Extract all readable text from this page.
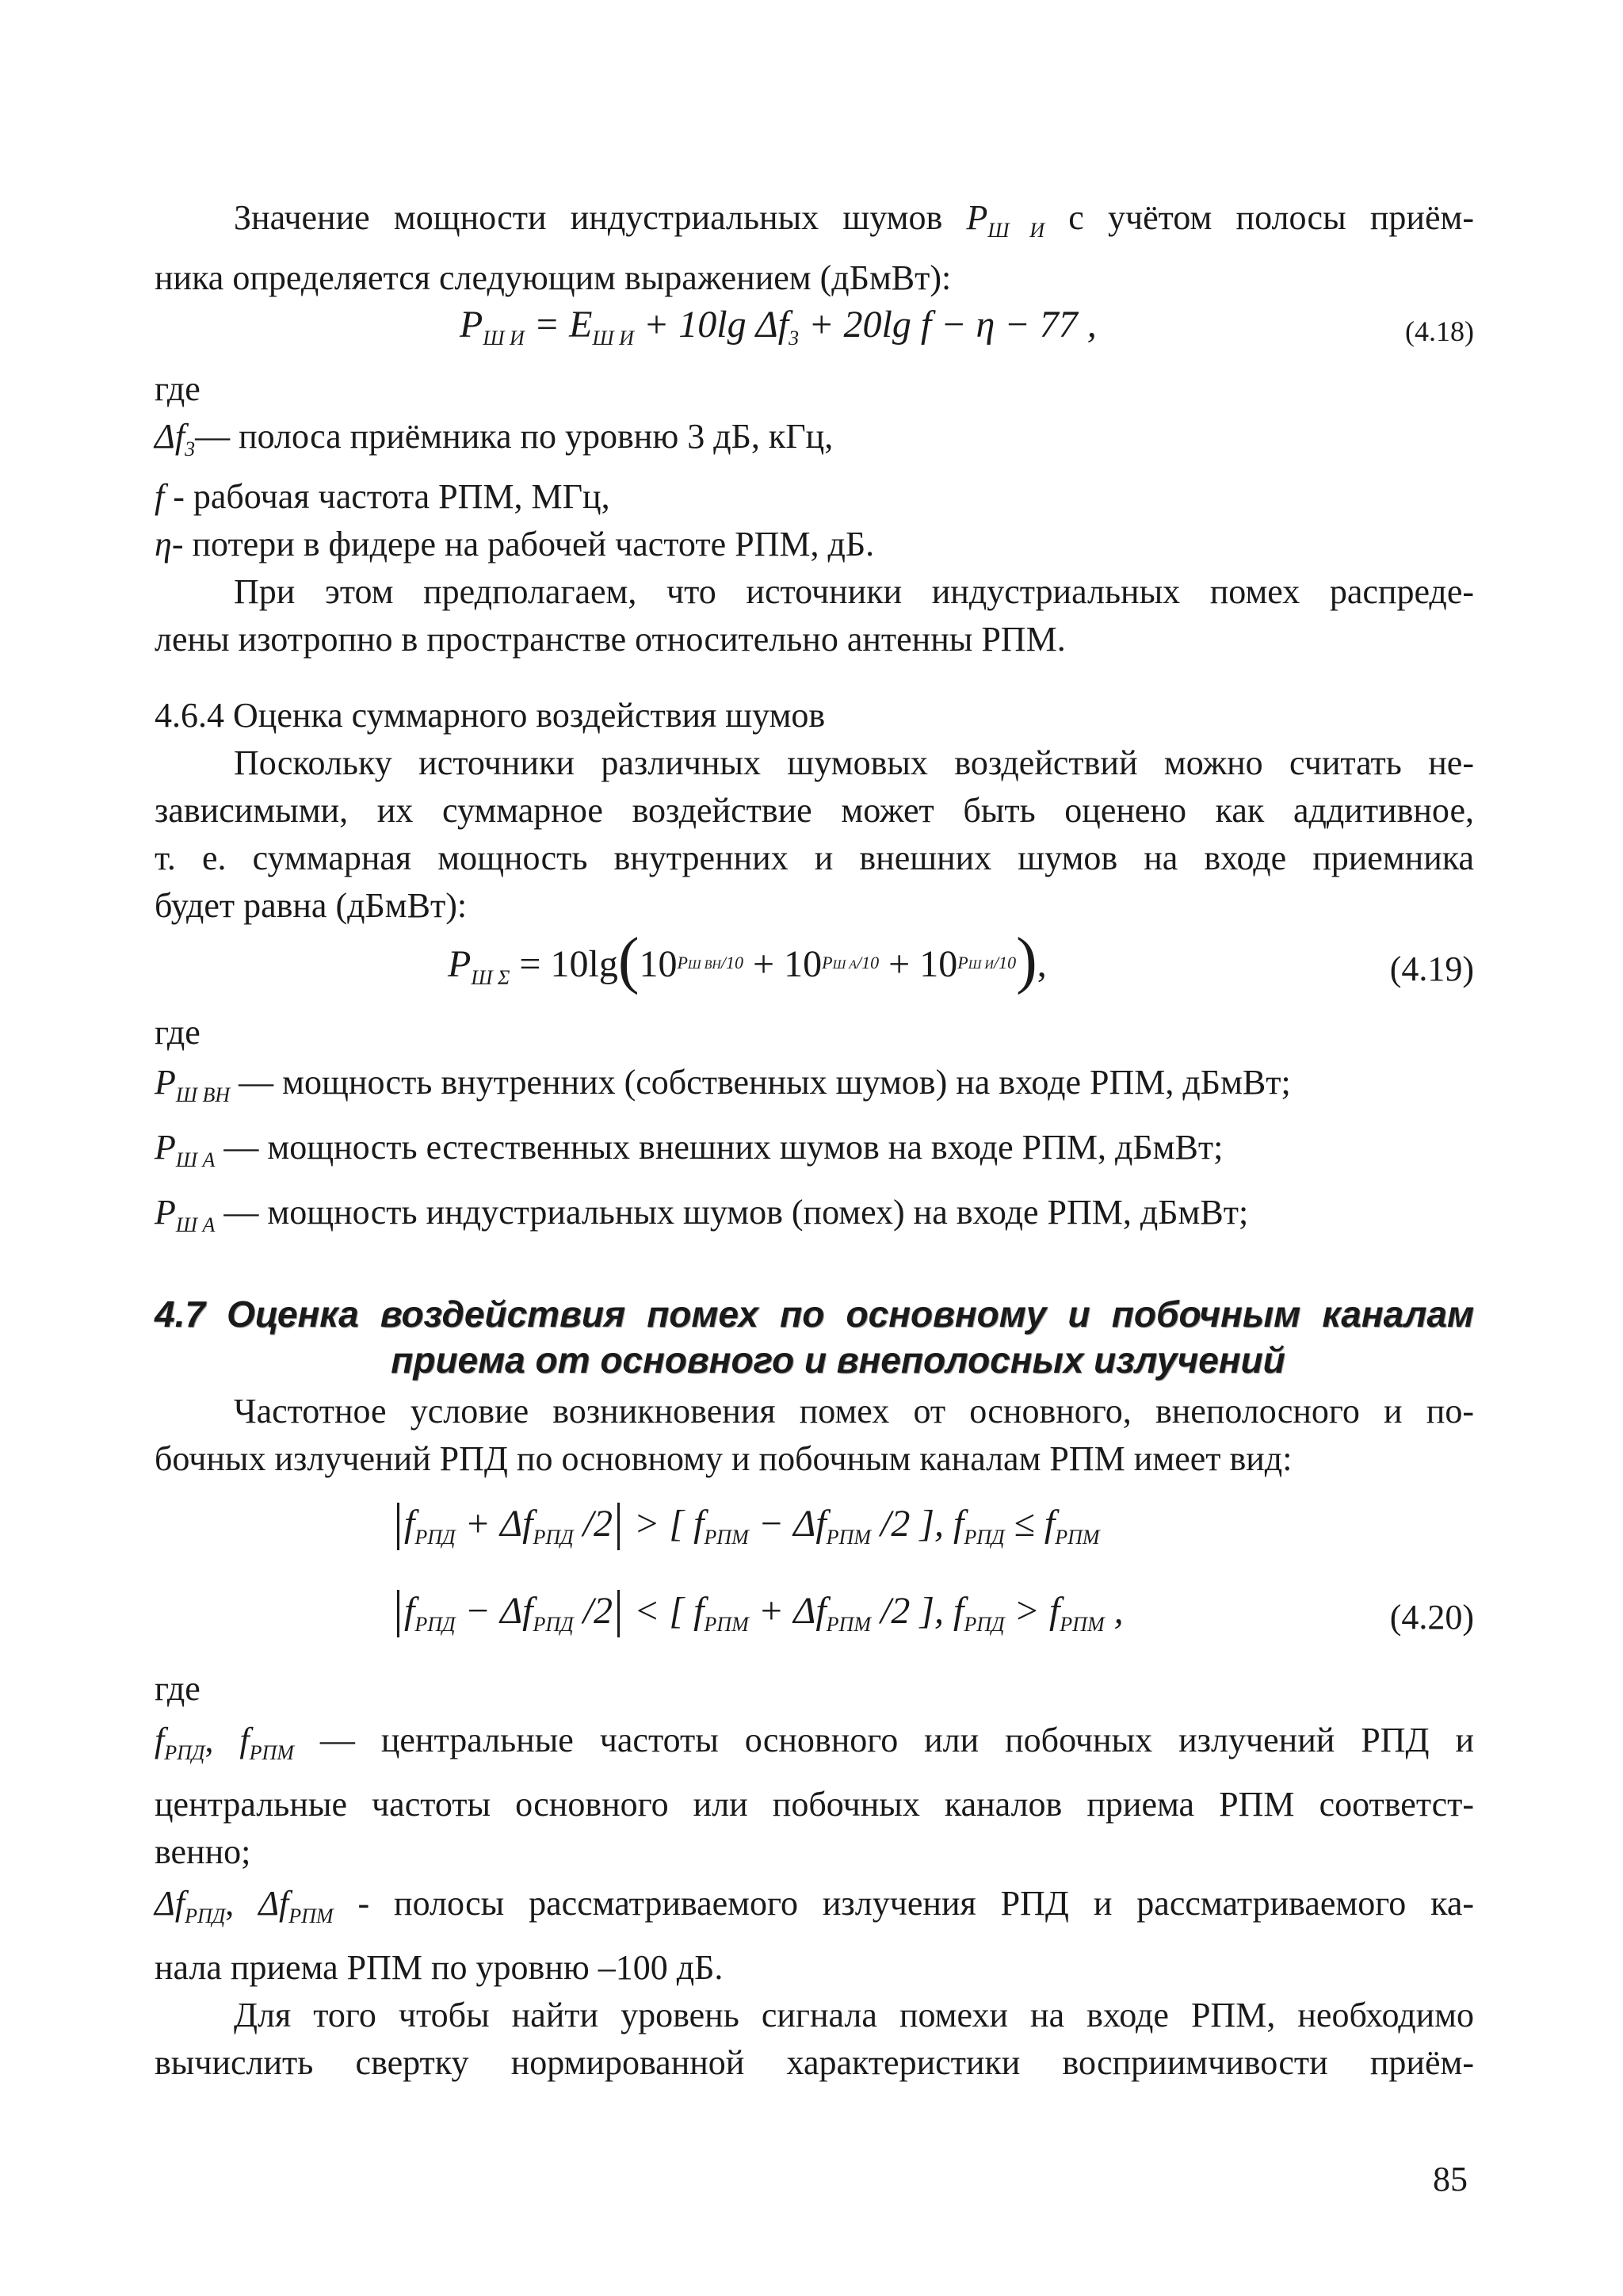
Значение мощности индустриальных шумов $P_{Ш И}$ с учётом полосы приём-

ника определяется следующим выражением (дБмВт):

$P_{Ш И} = E_{Ш И} + 10\lg$ $\Delta f_3 + 20\lg$ f − η − 77 ,	(4.18)

где

$\Delta f_3—$ полоса приёмника по уровню 3 дБ, кГц,

f - рабочая частота РПМ, МГц,

η- потери в фидере на рабочей частоте РПМ, дБ.

При этом предполагаем, что источники индустриальных помех распреде-

лены изотропно в пространстве относительно антенны РПМ.

4.6.4 Оценка суммарного воздействия шумов

Поскольку источники различных шумовых воздействий можно считать не-

зависимыми, их суммарное воздействие может быть оценено как аддитивное,

т. е. суммарная мощность внутренних и внешних шумов на входе приемника

будет равна (дБмВт):

$P_{Ш \Sigma} = 10\lg(10^{PШ ВН/10} + 10^{PШ А/10} + 10^{PШ И/10})$,	(4.19)

где

$P_{Ш ВН}$ — мощность внутренних (собственных шумов) на входе РПМ, дБмВт;

$P_{Ш А}$ — мощность естественных внешних шумов на входе РПМ, дБмВт;

$P_{Ш А}$ — мощность индустриальных шумов (помех) на входе РПМ, дБмВт;

4.7 Оценка воздействия помех по основному и побочным каналам
приема от основного и внеполосных излучений

Частотное условие возникновения помех от основного, внеполосного и по-

бочных излучений РПД по основному и побочным каналам РПМ имеет вид:

$f_{РПД} + \Delta f_{РПД}$ /2 > [ $f_{РПМ} - \Delta f_{РПМ}$ /2 ], $f_{РПД} \le f_{РПМ}$
$f_{РПД} - \Delta f_{РПД}$ /2 < [ $f_{РПМ} + \Delta f_{РПМ}$ /2 ], $f_{РПД} > f_{РПМ}$ ,	(4.20)

где

$f_{РПД}$, $f_{РПМ}$ — центральные частоты основного или побочных излучений РПД и

центральные частоты основного или побочных каналов приема РПМ соответст-

венно;

$\Delta f_{РПД}$, $\Delta f_{РПМ}$ - полосы рассматриваемого излучения РПД и рассматриваемого ка-

нала приема РПМ по уровню –100 дБ.

Для того чтобы найти уровень сигнала помехи на входе РПМ, необходимо

вычислить свертку нормированной характеристики восприимчивости приём-

85
